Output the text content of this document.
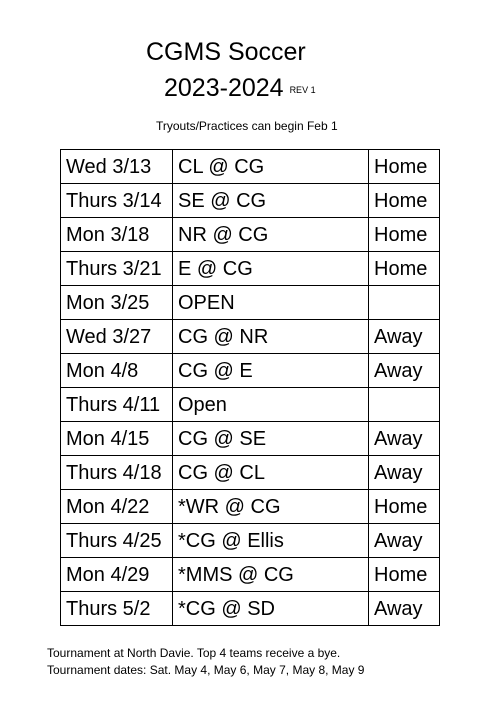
CGMS Soccer
2023-2024 REV 1
Tryouts/Practices can begin Feb 1
Wed 3/13	CL @ CG	Home
Thurs 3/14	SE @ CG	Home
Mon 3/18	NR @ CG	Home
Thurs 3/21	E @ CG	Home
Mon 3/25	OPEN	
Wed 3/27	CG @ NR	Away
Mon 4/8	CG @ E	Away
Thurs 4/11	Open	
Mon 4/15	CG @ SE	Away
Thurs 4/18	CG @ CL	Away
Mon 4/22	*WR @ CG	Home
Thurs 4/25	*CG @ Ellis	Away
Mon 4/29	*MMS @ CG	Home
Thurs 5/2	*CG @ SD	Away
Tournament at North Davie. Top 4 teams receive a bye.
Tournament dates: Sat. May 4, May 6, May 7, May 8, May 9
